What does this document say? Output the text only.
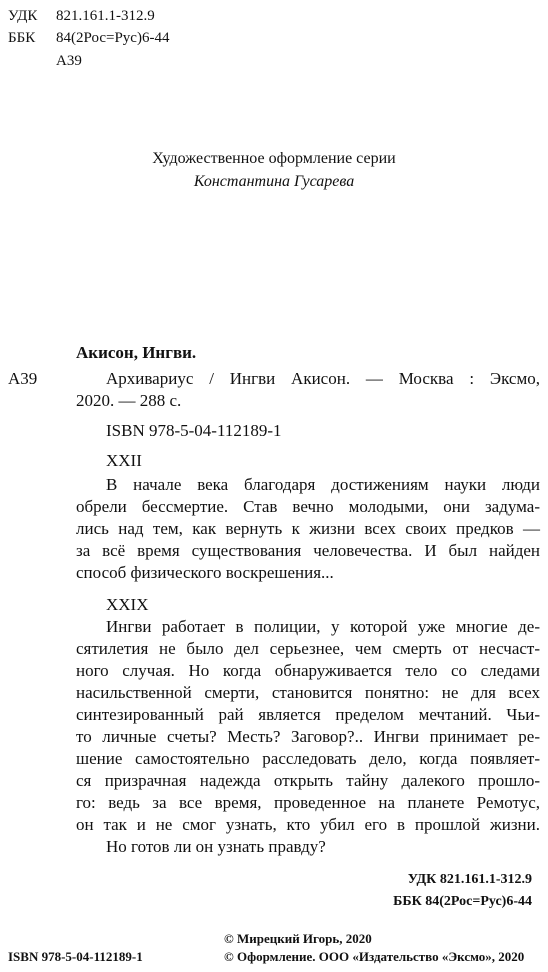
УДК 821.161.1-312.9
ББК 84(2Рос=Рус)6-44
А39
Художественное оформление серии
Константина Гусарева
Акисон, Ингви.
А39	Архивариус / Ингви Акисон. — Москва : Эксмо,
2020. — 288 с.
ISBN 978-5-04-112189-1
XXII
В начале века благодаря достижениям науки люди
обрели бессмертие. Став вечно молодыми, они задума-
лись над тем, как вернуть к жизни всех своих предков —
за всё время существования человечества. И был найден
способ физического воскрешения...
XXIX
Ингви работает в полиции, у которой уже многие де-
сятилетия не было дел серьезнее, чем смерть от несчаст-
ного случая. Но когда обнаруживается тело со следами
насильственной смерти, становится понятно: не для всех
синтезированный рай является пределом мечтаний. Чьи-
то личные счеты? Месть? Заговор?.. Ингви принимает ре-
шение самостоятельно расследовать дело, когда появляет-
ся призрачная надежда открыть тайну далекого прошло-
го: ведь за все время, проведенное на планете Ремотус,
он так и не смог узнать, кто убил его в прошлой жизни.
Но готов ли он узнать правду?
УДК 821.161.1-312.9
ББК 84(2Рос=Рус)6-44
© Мирецкий Игорь, 2020
ISBN 978-5-04-112189-1	© Оформление. ООО «Издательство «Эксмо», 2020
